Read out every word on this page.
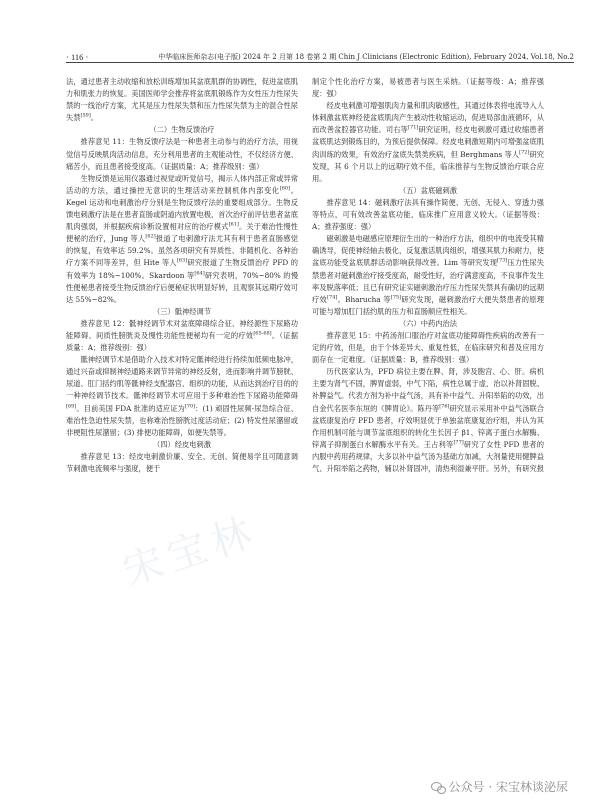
· 116 ·	中华临床医师杂志(电子版) 2024 年 2 月第 18 卷第 2 期 Chin J Clinicians (Electronic Edition), February 2024, Vol.18, No.2

法，通过患者主动收缩和放松训练增加其盆底肌群的协调性，促进盆底肌力和肌张力的恢复。美国医师学会推荐将盆底肌锻炼作为女性压力性尿失禁的一线治疗方案，尤其是压力性尿失禁和压力性尿失禁为主的混合性尿失禁[59]。

（二）生物反馈治疗

推荐意见 11：生物反馈疗法是一种患者主动参与的治疗方法，用视觉信号反映肌肉活动信息，充分利用患者的主观能动性，不仅经济方便、痛苦小，而且患者接受度高。（证据质量：A；推荐级别：强）

生物反馈是运用仪器通过视觉或听觉信号，揭示人体内部正常或异常活动的方法，通过操控无意识的生理活动来控制机体内部变化[60]。Kegel 运动和电刺激治疗分别是生物反馈疗法的重要组成部分。生物反馈电刺激疗法是在患者直肠或阴道内放置电极，首次治疗前评估患者盆底肌肉强弱，并根据疾病诊断设置相对应的治疗模式[61]。关于难治性慢性便秘的治疗，Jung 等人[62]报道了电刺激疗法尤其有利于患者直肠感觉的恢复，有效率达 59.2%。虽然各项研究有异质性、非随机化、各种治疗方案不同等差异，但 Hite 等人[63]研究报道了生物反馈治疗 PFD 的有效率为 18%~100%。Skardoon 等[64]研究表明，70%~80% 的慢性便秘患者接受生物反馈治疗后便秘症状明显好转，且观察其远期疗效可达 55%~82%。

（三）骶神经调节

推荐意见 12：骶神经调节术对盆底障碍综合征、神经源性下尿路功能障碍、间质性膀胱炎及慢性功能性便秘均有一定的疗效[65-68]。（证据质量：A；推荐级别：强）

骶神经调节术是借助介入技术对特定骶神经进行持续加低频电脉冲，通过兴奋或抑制神经通路来调节异常的神经反射，进而影响并调节膀胱、尿道、肛门括约肌等骶神经支配器官、组织的功能，从而达到治疗目的的一种神经调节技术。骶神经调节术可应用于多种难治性下尿路功能障碍[69]。目前美国 FDA 批准的适应证为[70]：(1) 顽固性尿频-尿急综合征、难治性急迫性尿失禁，也称难治性膀胱过度活动症；(2) 特发性尿潴留或非梗阻性尿潴留；(3) 排便功能障碍，如便失禁等。

（四）经皮电刺激

推荐意见 13：经皮电刺激价廉、安全、无创、简便易学且可随意调节刺激电流频率与强度，便于

制定个性化治疗方案，易被患者与医生采纳。（证据等级：A；推荐强度：强）

经皮电刺激可增强肌肉力量和肌肉敏感性，其通过体表将电流导入人体刺激盆底神经使盆底肌肉产生被动性收缩运动，促进局部血液循环，从而改善盆腔器官功能。司右等[71]研究证明，经皮电刺激可通过收缩患者盆底肌达到锻炼目的，为预后提供保障。经皮电刺激短期内可增强盆底肌肉训练的效果，有效治疗盆底失禁类疾病，但 Berghmans 等人[72]研究发现，其 6 个月以上的远期疗效不佳，临床推荐与生物反馈治疗联合应用。

（五）盆底磁刺激

推荐意见 14：磁刺激疗法具有操作简便、无创、无侵入、穿透力强等特点，可有效改善盆底功能，临床推广应用意义较大。（证据等级：A；推荐强度：强）

磁刺激是电磁感应原理衍生出的一种治疗方法，组织中的电流受其精确诱导，促使神经轴去极化，反复激活肌肉组织，增强其肌力和耐力，使盆底功能受盆底肌群活动影响获得改善。Lim 等研究发现[73]压力性尿失禁患者对磁刺激治疗接受度高，耐受性好，治疗满意度高，不良事件发生率及脱落率低；且已有研究证实磁刺激治疗压力性尿失禁具有确切的远期疗效[74]。Bharucha 等[75]研究发现，磁刺激治疗大便失禁患者的原理可能与增加肛门括约肌的压力和直肠顺应性相关。

（六）中药内治法

推荐意见 15：中药汤剂口服治疗对盆底功能障碍性疾病的改善有一定的疗效，但是，由于个体差异大、重复性低，在临床研究和普及应用方面存在一定难度。（证据质量：B，推荐级别：强）

历代医家认为，PFD 病位主要在脾、肾，涉及胞宫、心、肝。病机主要为肾气不固，脾胃虚弱，中气下陷，病性总属于虚，治以补肾固脱、补脾益气。代表方剂为补中益气汤，具有补中益气、升阳举陷的功效，出自金代名医李东垣的《脾胃论》。陈丹等[76]研究显示采用补中益气汤联合盆底康复治疗 PFD 患者，疗效明显优于单独盆底康复治疗组，并认为其作用机制可能与调节盆底组织的转化生长因子 β1、锌离子蛋白水解酶、锌离子抑制蛋白水解酶水平有关。王占利等[77]研究了女性 PFD 患者的内服中药用药规律，大多以补中益气汤为基础方加减，大剂量使用健脾益气、升阳举陷之药物，辅以补肾固冲，清热利湿兼平肝。另外，有研究报

宋宝林
公众号 · 宋宝林谈泌尿
